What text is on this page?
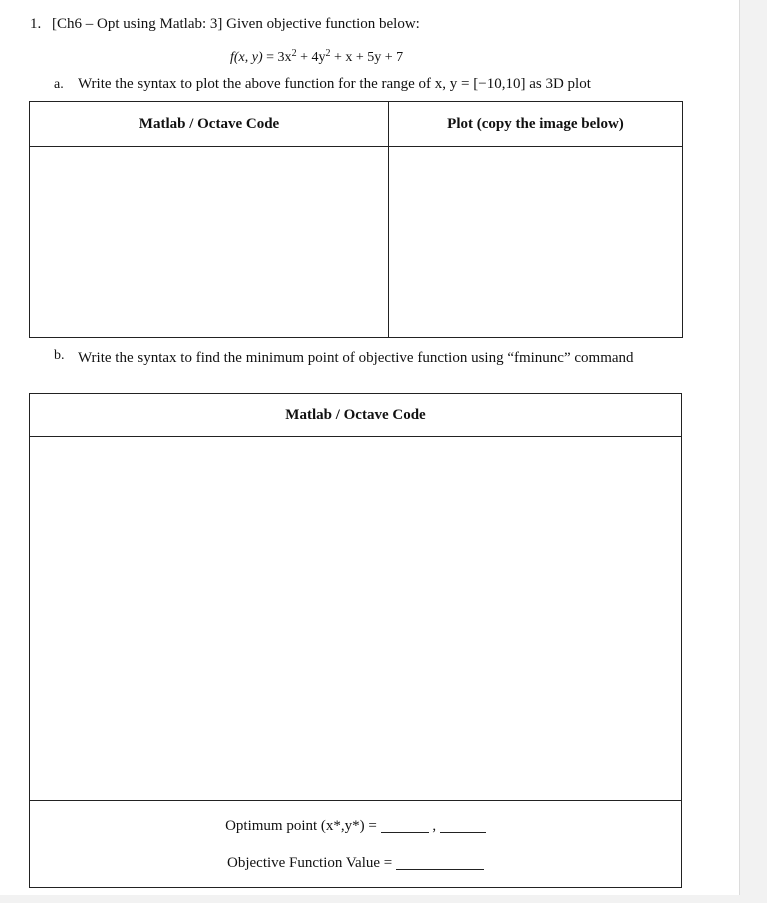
1. [Ch6 – Opt using Matlab: 3] Given objective function below:
f(x, $y) = 3x^2 + 4y^2 + x + 5y + 7$
a. Write the syntax to plot the above function for the range of x, y = [−10,10] as 3D plot
Matlab / Octave Code	Plot (copy the image below)

b. Write the syntax to find the minimum point of objective function using “fminunc” command
Matlab / Octave Code

Optimum point (x*,y*) =	,
Objective Function Value =
